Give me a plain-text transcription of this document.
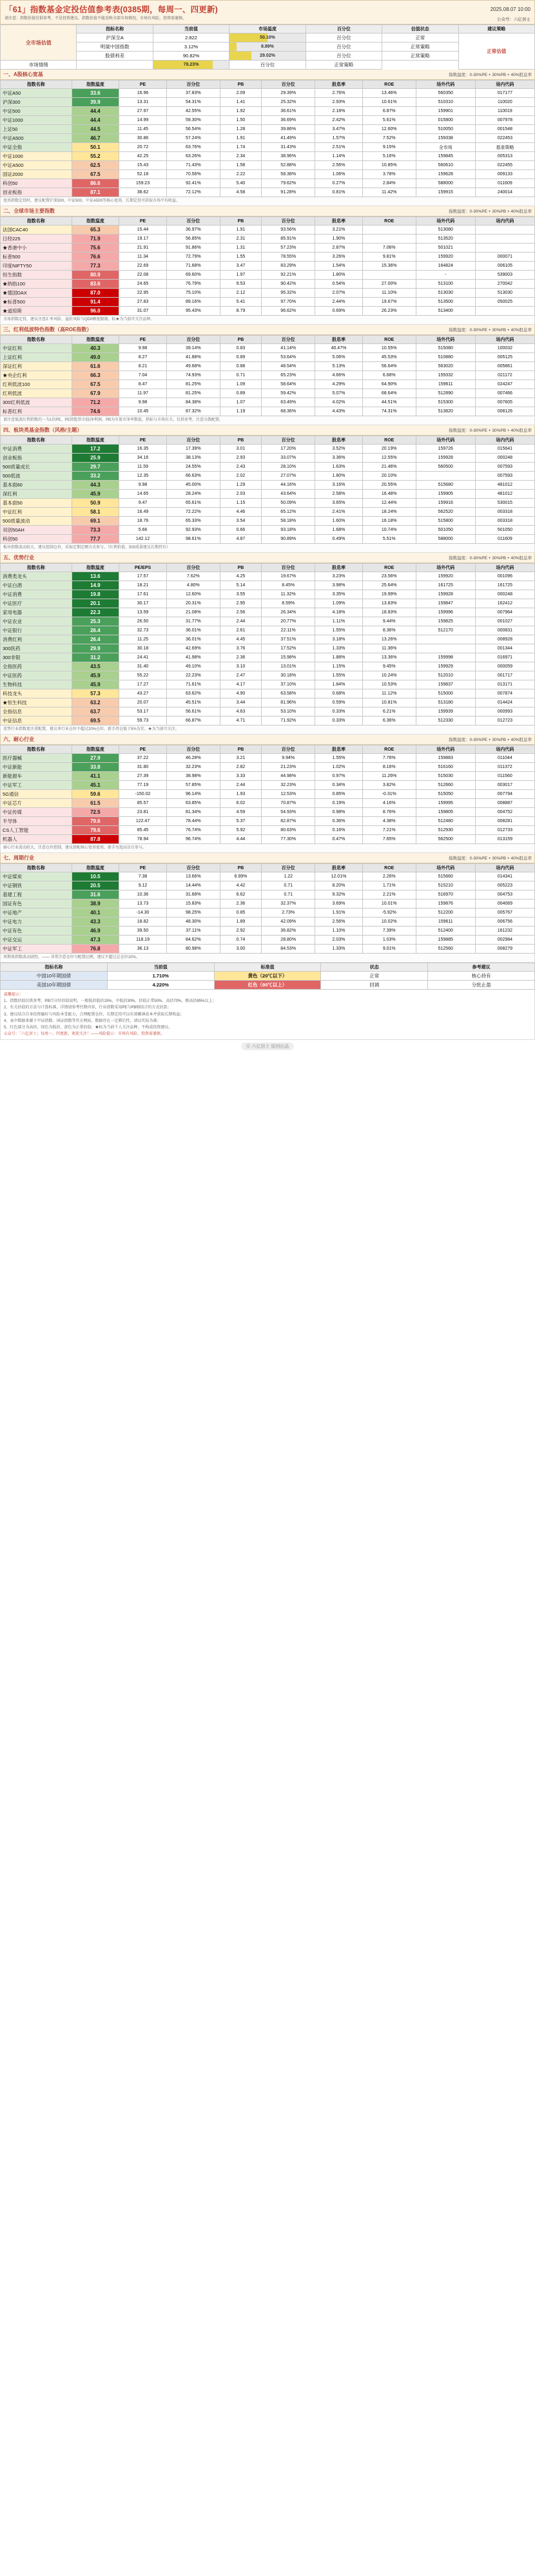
「61」指数基金定投估值参考表(0385期，每周一、四更新)	2025.08.07 10:00
请注意：指数估值仅供参考，不是投资建议。指数估值不能反映全部市场情况，市场有风险，投资需谨慎。	公众号：六亿居士
全市场估值	指标名称	当前值	市场温度	百分位	估值状态	建议策略
	沪深全A	2.822	50.10%	百分位	正常	正常估值
	明晟中国指数	3.12%	8.89%	百分位	正常策略	
	股债利差	90.82%	29.02%	百分位	正常策略	
市场情绪		78.23%	百分位	正常策略		
一、A股核心宽基	指数温度：0-30%PE + 30%PB + 40%股息率
指数名称	指数温度	PE	百分位	PB	百分位	股息率	ROE	场外代码	场内代码
中证A50	33.6	16.96	37.83%	2.09	29.39%	2.76%	13.46%	560350	017177
沪深300	39.9	13.31	54.31%	1.41	25.32%	2.93%	10.61%	510310	110020
中证500	44.4	27.97	42.55%	1.92	36.61%	2.18%	6.87%	159901	110019
中证1000	44.4	14.99	59.30%	1.50	36.69%	2.42%	5.61%	015800	007978
上证50	44.5	11.45	56.54%	1.28	39.86%	3.47%	12.60%	510050	001548
中证A500	46.7	30.86	57.24%	1.91	41.49%	1.57%	7.52%	159338	022453
中证全指	50.1	20.72	63.76%	1.74	31.43%	2.51%	9.15%	全市场	基准策略
中证1000	55.2	42.25	63.26%	2.34	38.96%	1.14%	5.16%	159845	005313
中证A500	62.5	15.43	71.43%	1.58	52.88%	2.56%	10.85%	560610	022455
国证2000	67.5	52.18	70.56%	2.22	58.38%	1.06%	3.78%	159628	009133
科创50	86.6	159.23	92.41%	5.40	79.62%	0.27%	2.84%	588000	011609
创业板指	87.1	38.62	72.12%	4.58	91.28%	0.81%	11.42%	159915	240014
宽基指数定投时，建议配置沪深300、中证500、中证A500等核心宽基，长期定投可获取市场平均收益。
二、全球市场主要指数	指数温度：0-30%PE + 30%PB + 40%股息率
指数名称	指数温度	PE	百分位	PB	百分位	股息率	ROE	场外代码	场内代码
法国CAC40	65.3	15.44	36.97%	1.91	93.56%	3.21%		513080	
日经225	71.9	19.17	56.85%	2.31	85.91%	1.90%		513520	
★香港中小	75.6	21.91	91.86%	1.31	57.23%	2.87%	7.06%	501021	
标普500	76.6	11.34	72.79%	1.55	78.55%	3.26%	9.81%	159920	000071
印度NIFTY50	77.3	22.69	71.68%	3.47	83.29%	1.54%	15.36%	164824	006105
恒生指数	80.9	22.08	69.60%	1.97	92.21%	1.80%		-	539003
★纳指100	83.6	24.65	76.79%	9.53	90.42%	0.54%	27.00%	513100	270042
★德国DAX	87.0	22.95	75.10%	2.12	95.32%	2.07%	11.10%	513030	513030
★标普500	91.4	27.83	89.16%	5.41	97.70%	2.44%	19.67%	513500	050025
★道琼斯	96.0	31.07	95.43%	8.79	96.62%	0.69%	26.23%	513400	
全球指数定投，建议注意汇率风险、溢价风险与QDII额度限制，标★为当前可关注品种。
三、红利低波特色指数（高ROE指数）	指数温度：0-30%PE + 30%PB + 40%股息率
指数名称	指数温度	PE	百分位	PB	百分位	股息率	ROE	场外代码	场内代码
中证红利	40.3	9.98	39.14%	0.83	41.14%	40.47%	10.55%	515080	100032
上证红利	49.0	8.27	41.88%	0.89	53.64%	5.06%	45.53%	510880	005125
深证红利	61.6	8.21	49.68%	0.88	48.54%	5.13%	56.64%	563020	005861
★央企红利	66.3	7.04	74.93%	0.71	65.23%	4.66%	6.68%	159332	021172
红利低波100	67.5	8.47	81.25%	1.09	58.64%	4.29%	64.90%	159611	024247
红利低波	67.9	11.97	81.25%	0.89	59.42%	5.07%	68.64%	512890	007466
300红利低波	71.2	9.98	84.38%	1.07	63.49%	4.02%	44.51%	515300	007605
标普红利	74.6	10.45	87.32%	1.19	68.36%	4.43%	74.31%	513820	008126
请注意低波红利指数的一为1倍PE，PE指股票市值/净利润，PB为市盈市净率数值，指标与市场有关，仅供参考。注意分散配置。
四、板块类基金指数（风格/主题）	指数温度：0-30%PE + 30%PB + 40%股息率
指数名称	指数温度	PE	百分位	PB	百分位	股息率	ROE	场外代码	场内代码
中证消费	17.2	16.35	17.39%	3.01	17.20%	3.52%	20.19%	159726	015641
创业板指	25.9	34.16	38.13%	2.93	33.07%	3.36%	12.55%	159928	000248
500质量成长	29.7	11.59	24.55%	2.43	28.10%	1.63%	21.46%	560500	007593
500低波	33.2	12.35	66.63%	2.02	27.07%	1.80%	20.10%		007593
基本面60	44.3	9.98	45.00%	1.29	44.16%	3.16%	20.55%	515680	481012
深红利	45.9	14.65	28.24%	2.03	43.64%	2.58%	16.48%	159905	481012
基本面50	50.9	9.47	65.61%	1.15	50.09%	3.65%	12.44%	159916	530015
中证红利	58.1	16.49	72.22%	4.46	65.12%	2.41%	18.24%	562520	003318
500质量波动	69.1	18.76	65.33%	3.54	58.18%	1.60%	16.18%	515800	003318
双创50AH	73.3	5.66	92.93%	0.66	93.18%	1.68%	10.74%	501050	501050
科创50	77.7	142.12	98.61%	4.87	90.89%	0.49%	5.51%	588000	011609
板块指数波动较大，建议控制仓位，采取定期定额方式参与。（红利价值、500质量建议长期持有）
五、优势行业	指数温度：0-30%PE + 30%PB + 40%股息率
指数名称	指数温度	PE/EPS	百分位	PB	百分位	股息率	ROE	场外代码	场内代码
消费类龙头	13.6	17.57	7.62%	4.25	19.67%	3.23%	23.56%	159920	001096
中证白酒	14.9	18.21	4.80%	5.14	8.45%	3.98%	25.64%	161725	161725
中证消费	19.8	17.61	12.60%	3.55	11.32%	3.35%	19.99%	159928	000248
中证医疗	20.1	30.17	20.31%	2.95	8.59%	1.09%	13.83%	159847	162412
家用电器	22.3	13.59	21.08%	2.56	26.34%	4.18%	18.83%	159996	007964
中证农业	25.3	26.50	31.77%	2.44	20.77%	1.11%	9.44%	159825	001027
中证银行	26.4	32.73	36.01%	2.61	22.11%	1.55%	8.36%	512170	000831
消费红利	26.4	11.25	36.01%	4.45	37.51%	3.18%	13.26%		008928
300医药	29.9	30.18	42.69%	3.76	17.52%	1.33%	11.36%		001344
300非银	31.2	24.41	41.98%	2.36	15.98%	1.88%	13.36%	159998	016971
全指医药	43.5	31.40	49.10%	3.10	13.01%	1.15%	9.45%	159929	000059
中证医药	45.9	55.22	22.23%	2.47	30.18%	1.55%	10.24%	512010	001717
生物科技	45.9	17.27	71.61%	4.17	37.10%	1.84%	10.53%	159837	013171
科技龙头	57.3	43.27	63.62%	4.90	63.58%	0.68%	11.12%	515000	007874
★恒生科技	63.2	20.07	45.51%	3.44	81.96%	0.59%	10.81%	513180	014424
全指信息	63.7	53.17	56.61%	4.63	53.10%	0.33%	6.21%	159939	000993
中证信息	69.5	59.73	66.87%	4.71	71.92%	0.33%	6.36%	512330	012723
优势行业指数更注重配置，建议单行业仓位不超过20%仓位，新手持仓低于5%为宜。★为当前可关注。
六、耐心行业	指数温度：0-30%PE + 30%PB + 40%股息率
指数名称	指数温度	PE	百分位	PB	百分位	股息率	ROE	场外代码	场内代码
医疗器械	27.9	37.22	46.28%	3.21	9.94%	1.55%	7.76%	159883	011044
中证新能	33.8	31.80	32.23%	2.82	21.23%	1.02%	8.16%	516160	011372
新能源车	41.1	27.39	38.98%	3.33	44.98%	0.97%	11.26%	515030	011560
中证军工	45.1	77.19	57.85%	2.44	32.23%	0.34%	3.82%	512660	003017
5G通信	59.6	-150.02	96.14%	1.93	12.53%	0.85%	-0.31%	515050	007794
中证芯片	61.5	85.57	63.85%	6.02	70.87%	0.19%	4.16%	159995	008887
中证传媒	72.5	23.81	81.34%	4.59	54.93%	0.98%	8.76%	159805	004752
半导体	79.6	122.47	78.44%	5.37	82.87%	0.36%	4.38%	512480	008281
CS人工智能	79.6	85.45	76.74%	5.92	80.63%	0.16%	7.21%	512930	012733
机器人	87.8	78.94	96.74%	4.44	77.30%	0.47%	7.65%	562500	013159
耐心行业波动较大，注意仓位控制，建议搭配核心宽基使用，新手勿追高盲目参与。
七、周期行业	指数温度：0-30%PE + 30%PB + 40%股息率
指数名称	指数温度	PE	百分位	PB	百分位	股息率	ROE	场外代码	场内代码
中证煤炭	10.5	7.38	13.66%	6.99%	1.22	12.01%	2.26%	515660	014341
中证钢铁	20.5	9.12	14.44%	4.42	0.71	8.20%	1.71%	515210	005223
基建工程	31.6	10.36	31.68%	6.62	0.71	9.32%	2.21%	516970	004753
国证有色	38.9	13.73	15.83%	2.36	32.37%	3.69%	10.01%	159876	004069
中证地产	40.1	-14.30	98.25%	0.85	2.73%	1.91%	-5.92%	512200	005767
中证电力	43.3	18.82	48.30%	1.89	42.09%	2.56%	10.02%	159611	006756
中证有色	46.9	39.50	37.11%	2.92	36.82%	1.10%	7.39%	512400	161232
中证交运	47.3	118.19	84.62%	0.74	28.80%	2.03%	1.03%	159885	002984
中证军工	76.8	36.13	80.98%	3.00	84.53%	1.33%	9.01%	512560	008279
周期类指数波动剧烈，—— 非常注意仓位与配置比例，建议不超过总仓位10%。
指标名称	当前值	标准值	状态	参考建议
中国10年期国债	1.710%	黄色（20℃以下）	正常	核心持有
美国10年期国债	4.220%	红色（90℃以上）	回调	分批止盈
温馨提示：
1、指数估值仅供参考，PB百分位估值说明，一般低估低估15%，中低估30%，估值正常50%，高估70%，极高估85%以上；
2、有关估值的方法与计算标准，详情请参考往期内容，行业指数采用PE与PB相结合的方式估算；
3、建议结合自身投资偏好与风险承受能力，合理配置仓位，长期定投可以有效摊薄成本并获取长期收益；
4、表中数据来源于中证指数、国证指数等官方网站，数据存在一定滞后性，请以实际为准；
5、红色部分为高估，绿色为低估，黄色为正常估值；★标为当前个人关注品种，不构成投资建议。
公众号：「六亿居士」每周一、四更新，欢迎关注！——风险提示：市场有风险，投资需谨慎。
⑥ 六亿居士 原创出品
